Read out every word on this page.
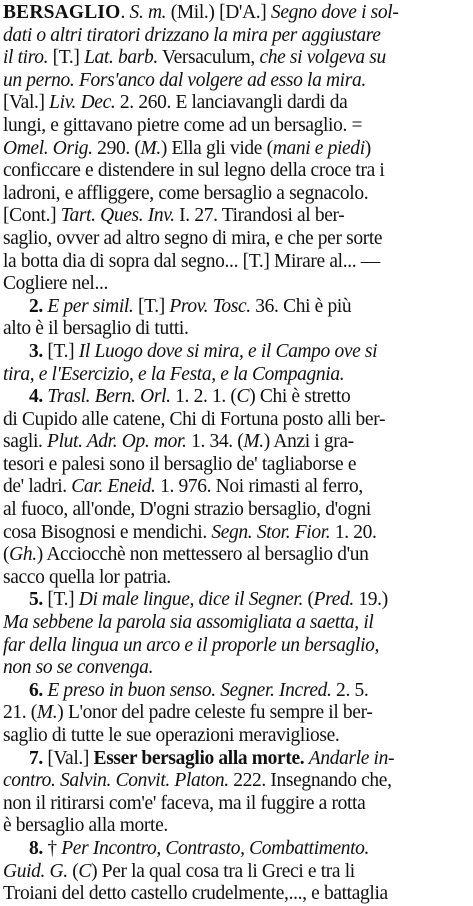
BERSAGLIO. S. m. (Mil.) [D'A.] Segno dove i sol-
dati o altri tiratori drizzano la mira per aggiustare
il tiro. [T.] Lat. barb. Versaculum, che si volgeva su
un perno. Fors'anco dal volgere ad esso la mira.
[Val.] Liv. Dec. 2. 260. E lanciavangli dardi da
lungi, e gittavano pietre come ad un bersaglio. =
Omel. Orig. 290. (M.) Ella gli vide (mani e piedi)
conficcare e distendere in sul legno della croce tra i
ladroni, e affliggere, come bersaglio a segnacolo.
[Cont.] Tart. Ques. Inv. I. 27. Tirandosi al ber-
saglio, ovver ad altro segno di mira, e che per sorte
la botta dia di sopra dal segno... [T.] Mirare al... —
Cogliere nel...
2. E per simil. [T.] Prov. Tosc. 36. Chi è più
alto è il bersaglio di tutti.
3. [T.] Il Luogo dove si mira, e il Campo ove si
tira, e l'Esercizio, e la Festa, e la Compagnia.
4. Trasl. Bern. Orl. 1. 2. 1. (C) Chi è stretto
di Cupido alle catene, Chi di Fortuna posto alli ber-
sagli. Plut. Adr. Op. mor. 1. 34. (M.) Anzi i gra-
tesori e palesi sono il bersaglio de' tagliaborse e
de' ladri. Car. Eneid. 1. 976. Noi rimasti al ferro,
al fuoco, all'onde, D'ogni strazio bersaglio, d'ogni
cosa Bisognosi e mendichi. Segn. Stor. Fior. 1. 20.
(Gh.) Acciocchè non mettessero al bersaglio d'un
sacco quella lor patria.
5. [T.] Di male lingue, dice il Segner. (Pred. 19.)
Ma sebbene la parola sia assomigliata a saetta, il
far della lingua un arco e il proporle un bersaglio,
non so se convenga.
6. E preso in buon senso. Segner. Incred. 2. 5.
21. (M.) L'onor del padre celeste fu sempre il ber-
saglio di tutte le sue operazioni meravigliose.
7. [Val.] Esser bersaglio alla morte. Andarle in-
contro. Salvin. Convit. Platon. 222. Insegnando che,
non il ritirarsi com'e' faceva, ma il fuggire a rotta
è bersaglio alla morte.
8. † Per Incontro, Contrasto, Combattimento.
Guid. G. (C) Per la qual cosa tra li Greci e tra li
Troiani del detto castello crudelmente,..., e battaglia
